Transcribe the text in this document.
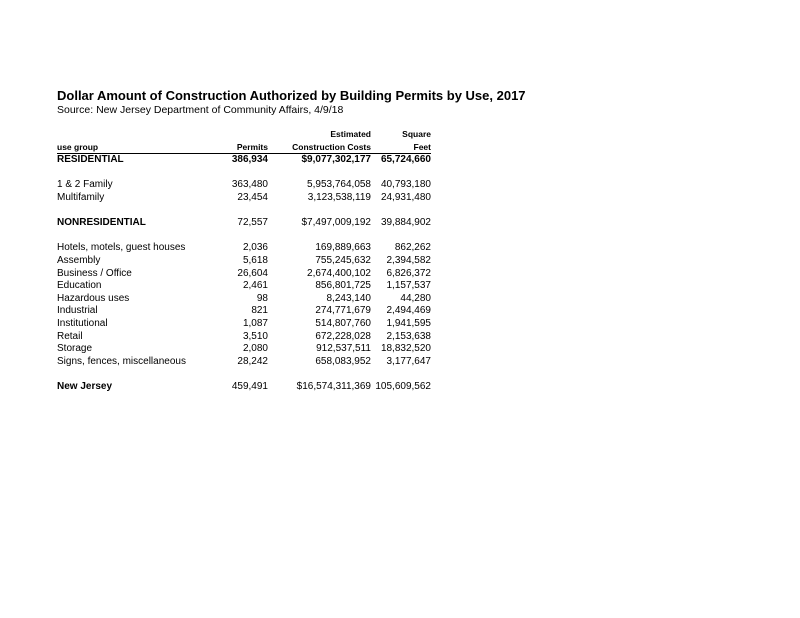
Dollar Amount of Construction Authorized by Building Permits by Use, 2017
Source: New Jersey Department of Community Affairs, 4/9/18
		Estimated	Square
use group	Permits	Construction Costs	Feet
RESIDENTIAL	386,934	$9,077,302,177	65,724,660

1 & 2 Family	363,480	5,953,764,058	40,793,180
Multifamily	23,454	3,123,538,119	24,931,480

NONRESIDENTIAL	72,557	$7,497,009,192	39,884,902

Hotels, motels, guest houses	2,036	169,889,663	862,262
Assembly	5,618	755,245,632	2,394,582
Business / Office	26,604	2,674,400,102	6,826,372
Education	2,461	856,801,725	1,157,537
Hazardous uses	98	8,243,140	44,280
Industrial	821	274,771,679	2,494,469
Institutional	1,087	514,807,760	1,941,595
Retail	3,510	672,228,028	2,153,638
Storage	2,080	912,537,511	18,832,520
Signs, fences, miscellaneous	28,242	658,083,952	3,177,647

New Jersey	459,491	$16,574,311,369	105,609,562
